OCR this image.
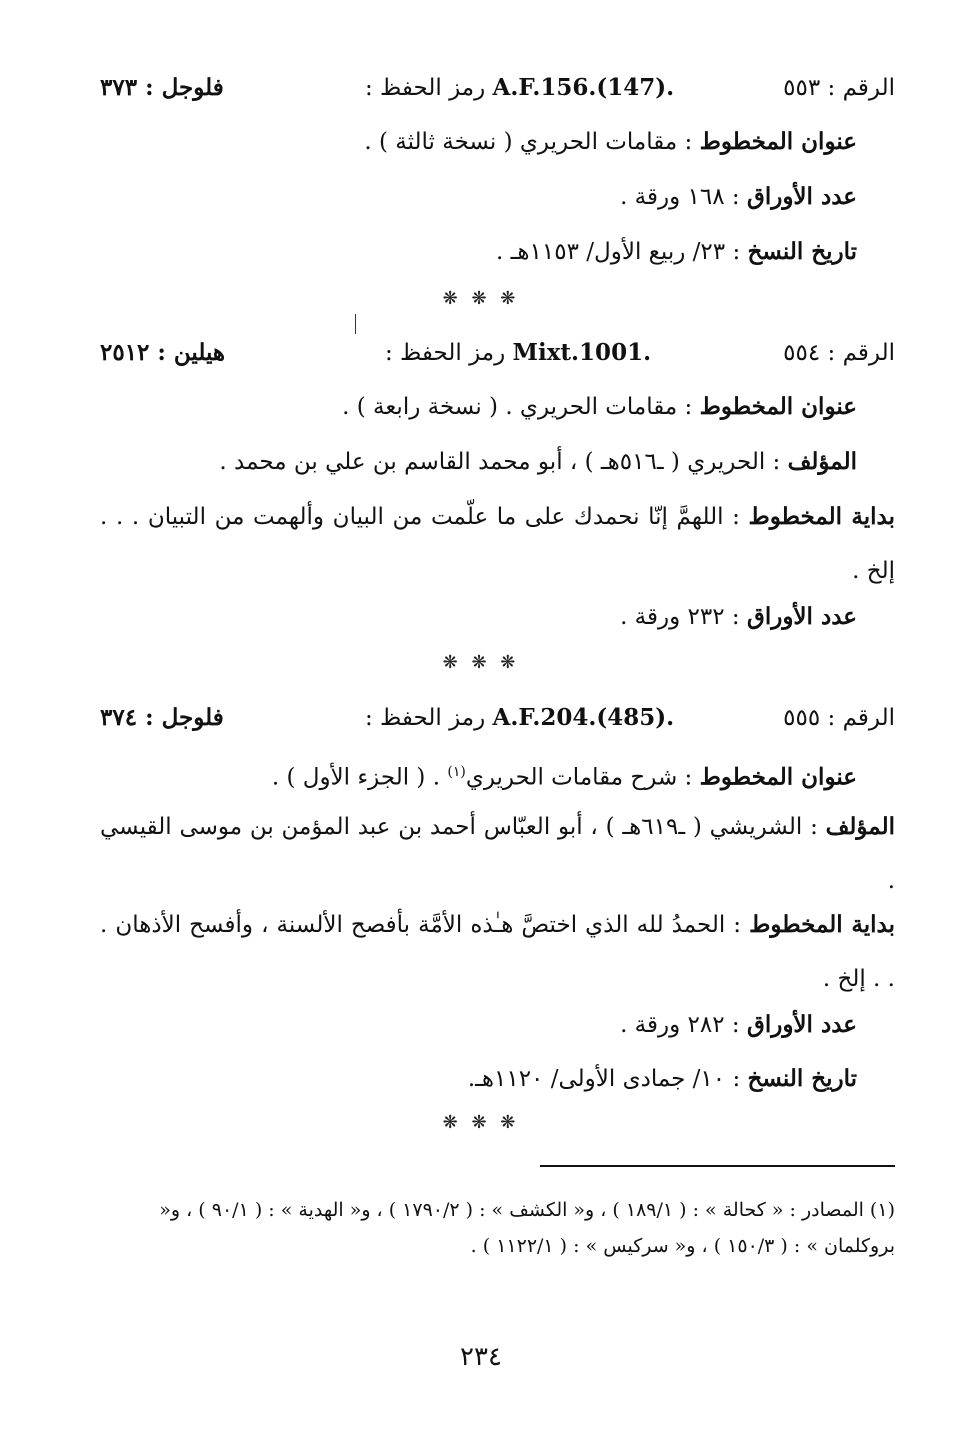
الرقم : ٥٥٣
رمز الحفظ : A.F.156.(147).
فلوجل : ٣٧٣
عنوان المخطوط : مقامات الحريري ( نسخة ثالثة ) .
عدد الأوراق : ١٦٨ ورقة .
تاريخ النسخ : ٢٣/ ربيع الأول/ ١١٥٣هـ .
❋ ❋ ❋
الرقم : ٥٥٤
رمز الحفظ : Mixt.1001.
هيلين : ٢٥١٢
عنوان المخطوط : مقامات الحريري . ( نسخة رابعة ) .
المؤلف : الحريري ( ـ٥١٦هـ ) ، أبو محمد القاسم بن علي بن محمد .
بداية المخطوط : اللهمَّ إنّا نحمدك على ما علّمت من البيان وألهمت من التبيان . . . إلخ .
عدد الأوراق : ٢٣٢ ورقة .
❋ ❋ ❋
الرقم : ٥٥٥
رمز الحفظ : A.F.204.(485).
فلوجل : ٣٧٤
عنوان المخطوط : شرح مقامات الحريري$^{(١)}$ . ( الجزء الأول ) .
المؤلف : الشريشي ( ـ٦١٩هـ ) ، أبو العبّاس أحمد بن عبد المؤمن بن موسى القيسي .
بداية المخطوط : الحمدُ لله الذي اختصَّ هـٰذه الأمَّة بأفصح الألسنة ، وأفسح الأذهان . . . إلخ .
عدد الأوراق : ٢٨٢ ورقة .
تاريخ النسخ : ١٠/ جمادى الأولى/ ١١٢٠هـ.
❋ ❋ ❋
(١) المصادر : « كحالة » : ( ١٨٩/١ ) ، و« الكشف » : ( ١٧٩٠/٢ ) ، و« الهدية » : ( ٩٠/١ ) ، و« بروكلمان » : ( ١٥٠/٣ ) ، و« سركيس » : ( ١١٢٢/١ ) .
٢٣٤
